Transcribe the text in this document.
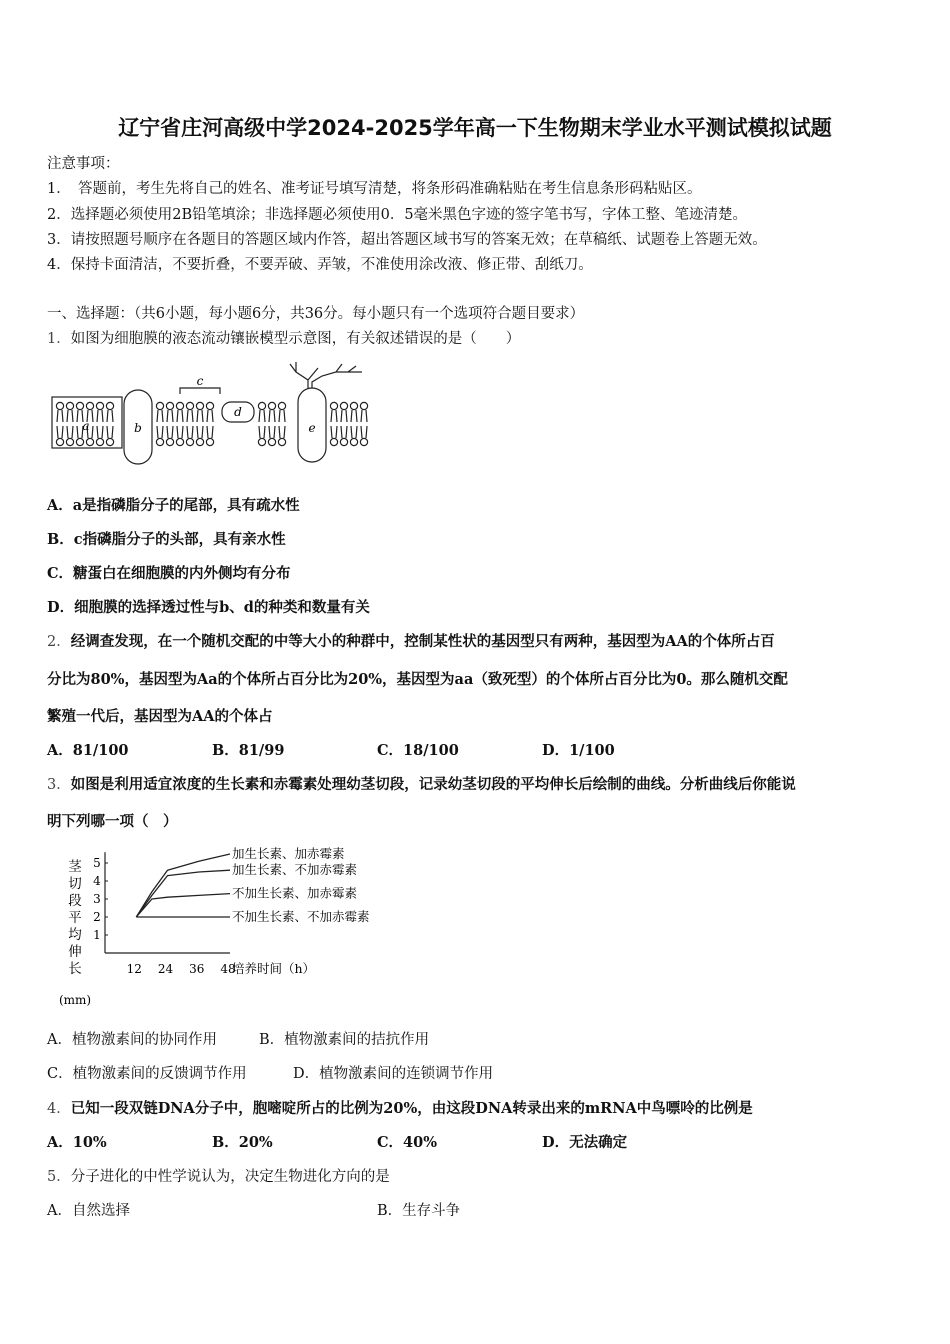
辽宁省庄河高级中学2024-2025学年高一下生物期末学业水平测试模拟试题
注意事项：
1．　答题前，考生先将自己的姓名、准考证号填写清楚，将条形码准确粘贴在考生信息条形码粘贴区。
2．选择题必须使用2B铅笔填涂；非选择题必须使用0．5毫米黑色字迹的签字笔书写，字体工整、笔迹清楚。
3．请按照题号顺序在各题目的答题区域内作答，超出答题区域书写的答案无效；在草稿纸、试题卷上答题无效。
4．保持卡面清洁，不要折叠，不要弄破、弄皱，不准使用涂改液、修正带、刮纸刀。
一、选择题：（共6小题，每小题6分，共36分。每小题只有一个选项符合题目要求）
1．如图为细胞膜的液态流动镶嵌模型示意图，有关叙述错误的是（　　）
a	b
c
d
e
A．a是指磷脂分子的尾部，具有疏水性
B．c指磷脂分子的头部，具有亲水性
C．糖蛋白在细胞膜的内外侧均有分布
D．细胞膜的选择透过性与b、d的种类和数量有关
2．经调查发现，在一个随机交配的中等大小的种群中，控制某性状的基因型只有两种，基因型为AA的个体所占百
分比为80%，基因型为Aa的个体所占百分比为20%，基因型为aa（致死型）的个体所占百分比为0。那么随机交配
繁殖一代后，基因型为AA的个体占
A．81/100	B．81/99	C．18/100	D．1/100
3．如图是利用适宜浓度的生长素和赤霉素处理幼茎切段，记录幼茎切段的平均伸长后绘制的曲线。分析曲线后你能说
明下列哪一项（　）
1
2
3
4
5
12 24 36 48
培养时间（h）
茎
切
段
平
均
伸
长
(mm)
加生长素、加赤霉素
加生长素、不加赤霉素
不加生长素、加赤霉素
不加生长素、不加赤霉素
A．植物激素间的协同作用	B．植物激素间的拮抗作用
C．植物激素间的反馈调节作用	D．植物激素间的连锁调节作用
4．已知一段双链DNA分子中，胞嘧啶所占的比例为20%，由这段DNA转录出来的mRNA中鸟嘌呤的比例是
A．10%	B．20%	C．40%	D．无法确定
5．分子进化的中性学说认为，决定生物进化方向的是
A．自然选择	B．生存斗争
